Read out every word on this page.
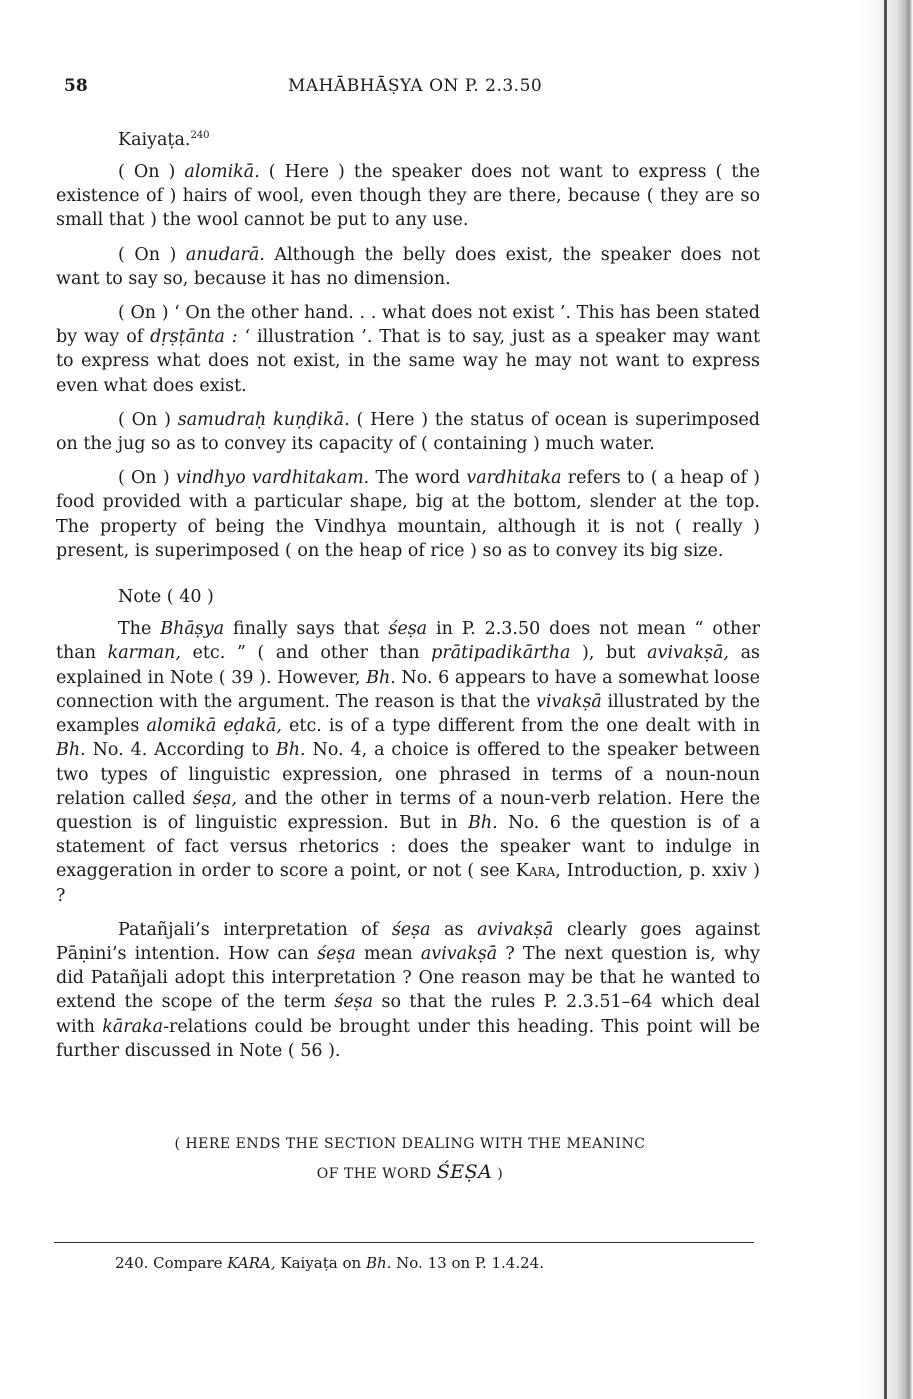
58	MAHĀBHĀṢYA ON P. 2.3.50
Kaiyaṭa.$^{240}$

( On ) alomikā. ( Here ) the speaker does not want to express ( the existence of ) hairs of wool, even though they are there, because ( they are so small that ) the wool cannot be put to any use.

( On ) anudarā. Although the belly does exist, the speaker does not want to say so, because it has no dimension.

( On ) ‘ On the other hand. . . what does not exist ’. This has been stated by way of dṛṣṭānta : ‘ illustration ’. That is to say, just as a speaker may want to express what does not exist, in the same way he may not want to express even what does exist.

( On ) samudraḥ kuṇḍikā. ( Here ) the status of ocean is superimposed on the jug so as to convey its capacity of ( containing ) much water.

( On ) vindhyo vardhitakam. The word vardhitaka refers to ( a heap of ) food provided with a particular shape, big at the bottom, slender at the top. The property of being the Vindhya mountain, although it is not ( really ) present, is superimposed ( on the heap of rice ) so as to convey its big size.

Note ( 40 )

The Bhāṣya finally says that śeṣa in P. 2.3.50 does not mean “ other than karman, etc. ” ( and other than prātipadikārtha ), but avivakṣā, as explained in Note ( 39 ). However, Bh. No. 6 appears to have a somewhat loose connection with the argument. The reason is that the vivakṣā illustrated by the examples alomikā eḍakā, etc. is of a type different from the one dealt with in Bh. No. 4. According to Bh. No. 4, a choice is offered to the speaker between two types of linguistic expression, one phrased in terms of a noun-noun relation called śeṣa, and the other in terms of a noun-verb relation. Here the question is of linguistic expression. But in Bh. No. 6 the question is of a statement of fact versus rhetorics : does the speaker want to indulge in exaggeration in order to score a point, or not ( see Kara, Introduction, p. xxiv ) ?

Patañjali’s interpretation of śeṣa as avivakṣā clearly goes against Pāṇini’s intention. How can śeṣa mean avivakṣā ? The next question is, why did Patañjali adopt this interpretation ? One reason may be that he wanted to extend the scope of the term śeṣa so that the rules P. 2.3.51–64 which deal with kāraka-relations could be brought under this heading. This point will be further discussed in Note ( 56 ).

( HERE ENDS THE SECTION DEALING WITH THE MEANINC
OF THE WORD ŚEṢA )
240. Compare KARA, Kaiyaṭa on Bh. No. 13 on P. 1.4.24.
